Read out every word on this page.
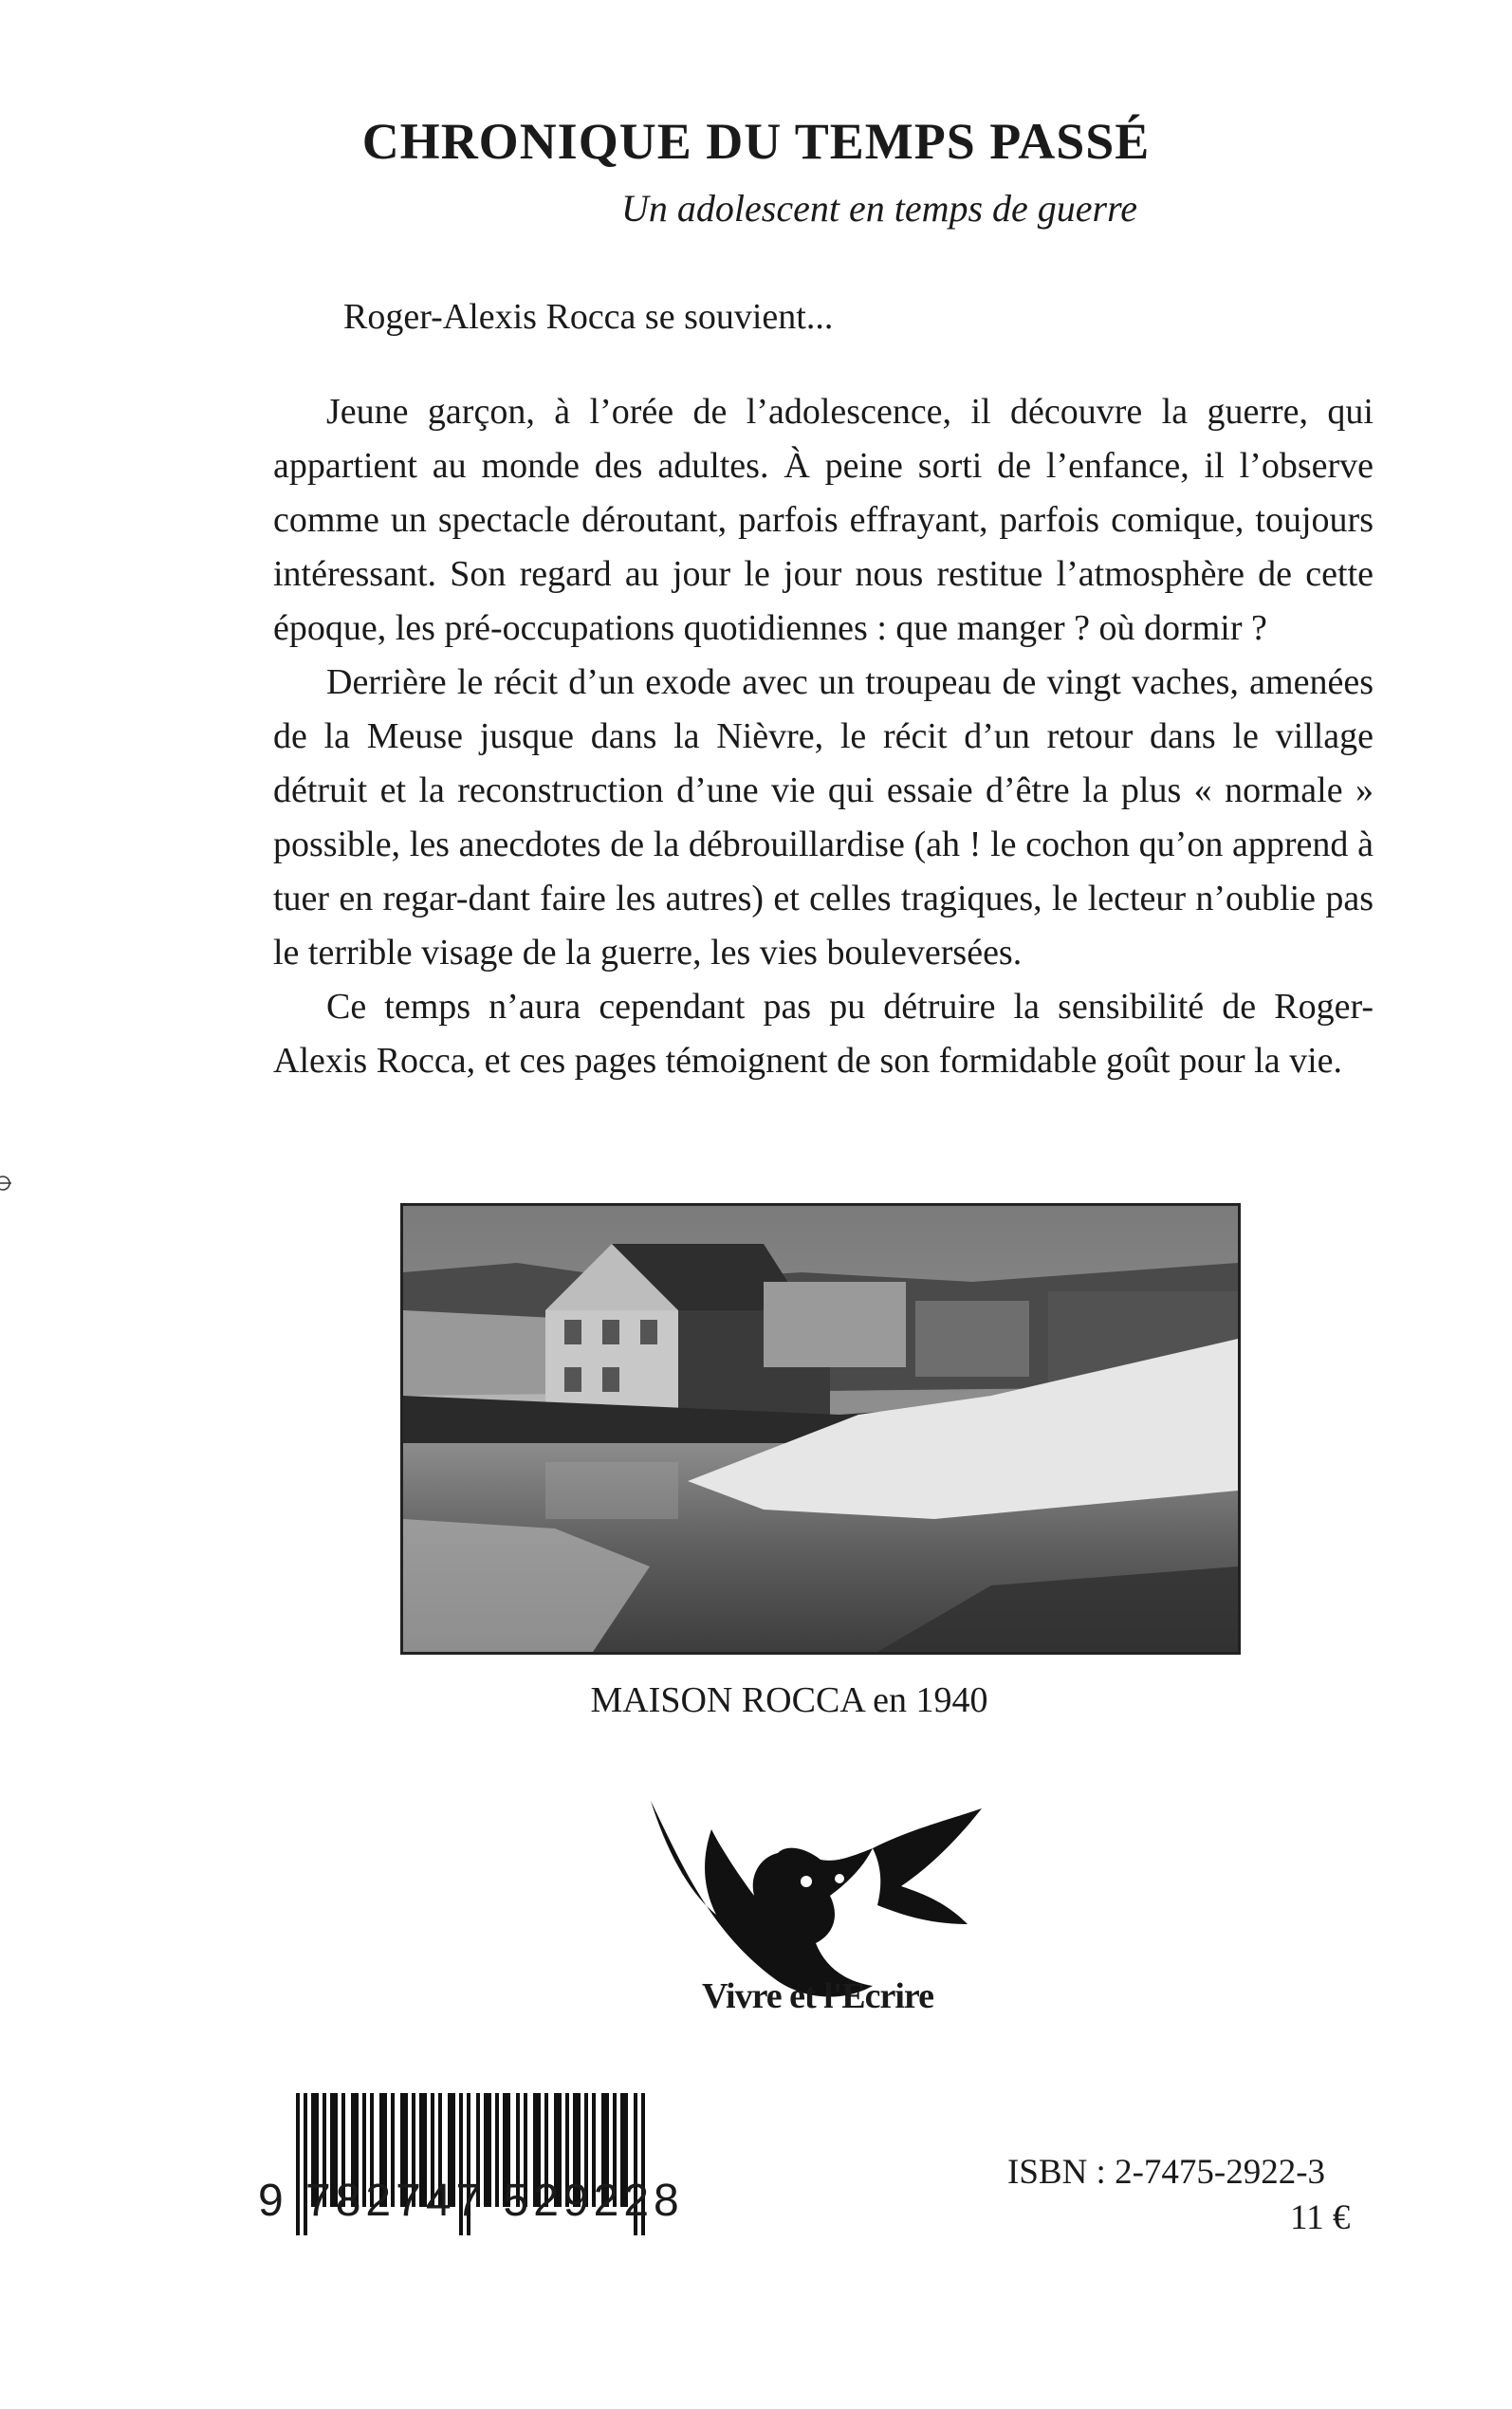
CHRONIQUE DU TEMPS PASSÉ
Un adolescent en temps de guerre
Roger-Alexis Rocca se souvient...

Jeune garçon, à l’orée de l’adolescence, il découvre la guerre, qui appartient au monde des adultes. À peine sorti de l’enfance, il l’observe comme un spectacle déroutant, parfois effrayant, parfois comique, toujours intéressant. Son regard au jour le jour nous restitue l’atmosphère de cette époque, les pré-occupations quotidiennes : que manger ? où dormir ?

Derrière le récit d’un exode avec un troupeau de vingt vaches, amenées de la Meuse jusque dans la Nièvre, le récit d’un retour dans le village détruit et la reconstruction d’une vie qui essaie d’être la plus « normale » possible, les anecdotes de la débrouillardise (ah ! le cochon qu’on apprend à tuer en regar-dant faire les autres) et celles tragiques, le lecteur n’oublie pas le terrible visage de la guerre, les vies bouleversées.

Ce temps n’aura cependant pas pu détruire la sensibilité de Roger-Alexis Rocca, et ces pages témoignent de son formidable goût pour la vie.

MAISON ROCCA en 1940
Vivre et l'Ecrire
9 782747 529228
ISBN : 2-7475-2922-3
11 €
